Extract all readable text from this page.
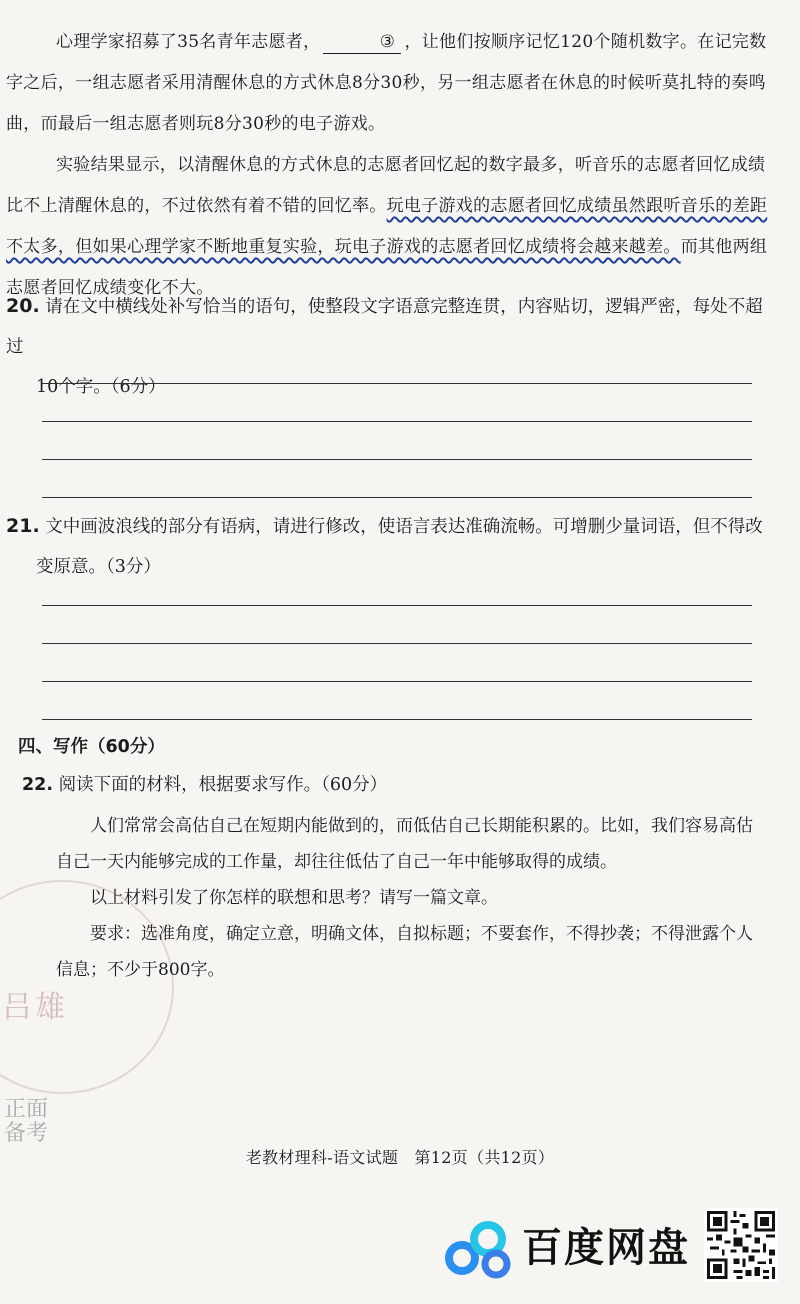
吕雄
正面
备考

心理学家招募了35名青年志愿者，	③ ，让他们按顺序记忆120个随机数字。在记完数字之后，一组志愿者采用清醒休息的方式休息8分30秒，另一组志愿者在休息的时候听莫扎特的奏鸣曲，而最后一组志愿者则玩8分30秒的电子游戏。

实验结果显示，以清醒休息的方式休息的志愿者回忆起的数字最多，听音乐的志愿者回忆成绩比不上清醒休息的，不过依然有着不错的回忆率。玩电子游戏的志愿者回忆成绩虽然跟听音乐的差距不太多，但如果心理学家不断地重复实验，玩电子游戏的志愿者回忆成绩将会越来越差。而其他两组志愿者回忆成绩变化不大。

20. 请在文中横线处补写恰当的语句，使整段文字语意完整连贯，内容贴切，逻辑严密，每处不超过
10个字。（6分）
21. 文中画波浪线的部分有语病，请进行修改，使语言表达准确流畅。可增删少量词语，但不得改
变原意。（3分）
四、写作（60分）
22. 阅读下面的材料，根据要求写作。（60分）

人们常常会高估自己在短期内能做到的，而低估自己长期能积累的。比如，我们容易高估自己一天内能够完成的工作量，却往往低估了自己一年中能够取得的成绩。

以上材料引发了你怎样的联想和思考？请写一篇文章。

要求：选准角度，确定立意，明确文体，自拟标题；不要套作，不得抄袭；不得泄露个人信息；不少于800字。

老教材理科-语文试题　第12页（共12页）
百度网盘
